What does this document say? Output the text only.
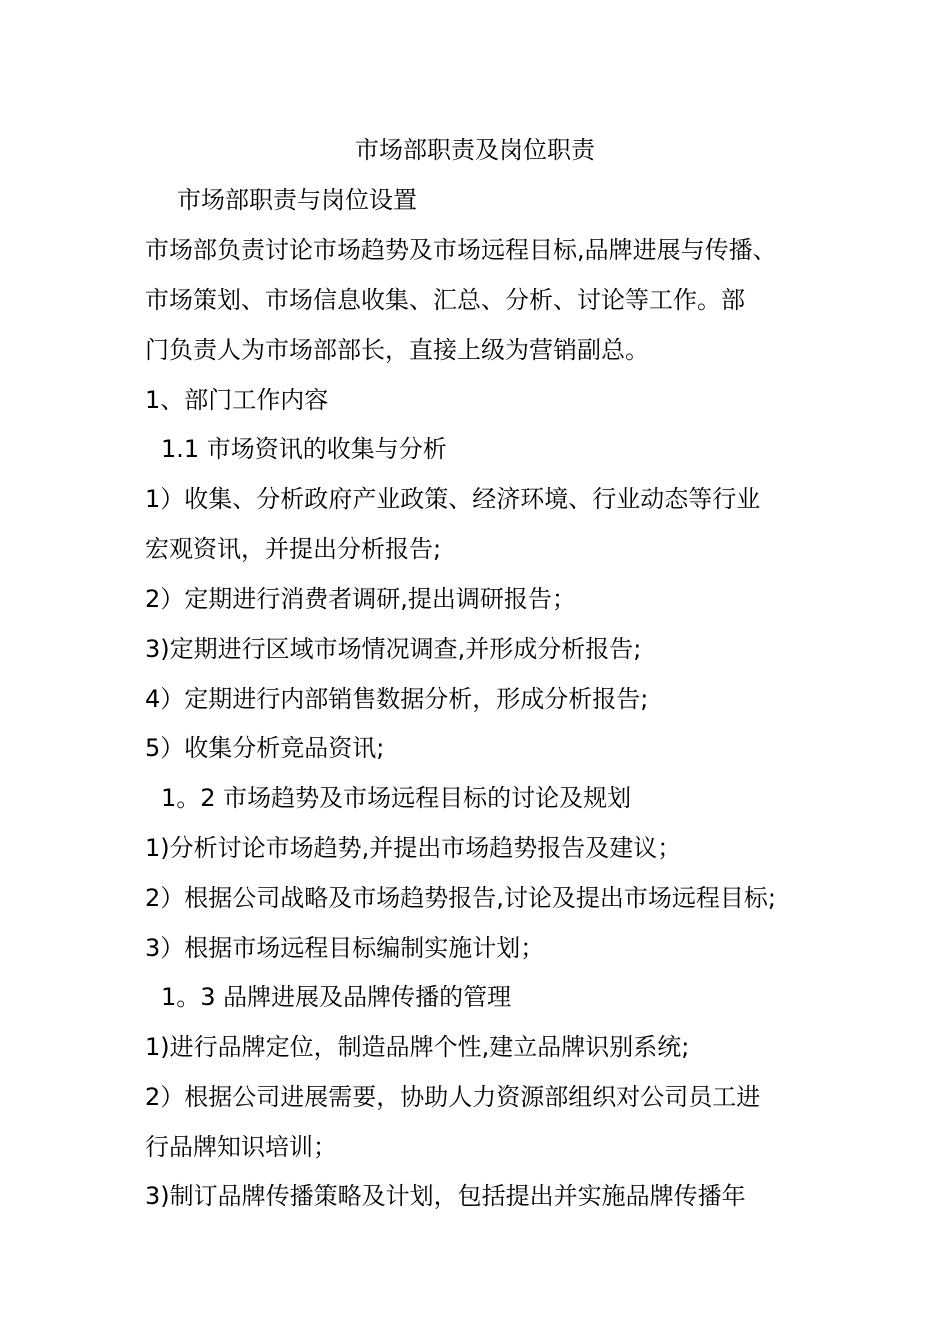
市场部职责及岗位职责
市场部职责与岗位设置
市场部负责讨论市场趋势及市场远程目标,品牌进展与传播、
市场策划、市场信息收集、汇总、分析、讨论等工作。部
门负责人为市场部部长，直接上级为营销副总。
1、部门工作内容
1.1 市场资讯的收集与分析
1）收集、分析政府产业政策、经济环境、行业动态等行业
宏观资讯，并提出分析报告;
2）定期进行消费者调研,提出调研报告；
3)定期进行区域市场情况调查,并形成分析报告;
4）定期进行内部销售数据分析，形成分析报告;
5）收集分析竞品资讯;
1。2 市场趋势及市场远程目标的讨论及规划
1)分析讨论市场趋势,并提出市场趋势报告及建议；
2）根据公司战略及市场趋势报告,讨论及提出市场远程目标;
3）根据市场远程目标编制实施计划；
1。3 品牌进展及品牌传播的管理
1)进行品牌定位，制造品牌个性,建立品牌识别系统;
2）根据公司进展需要，协助人力资源部组织对公司员工进
行品牌知识培训；
3)制订品牌传播策略及计划，包括提出并实施品牌传播年
